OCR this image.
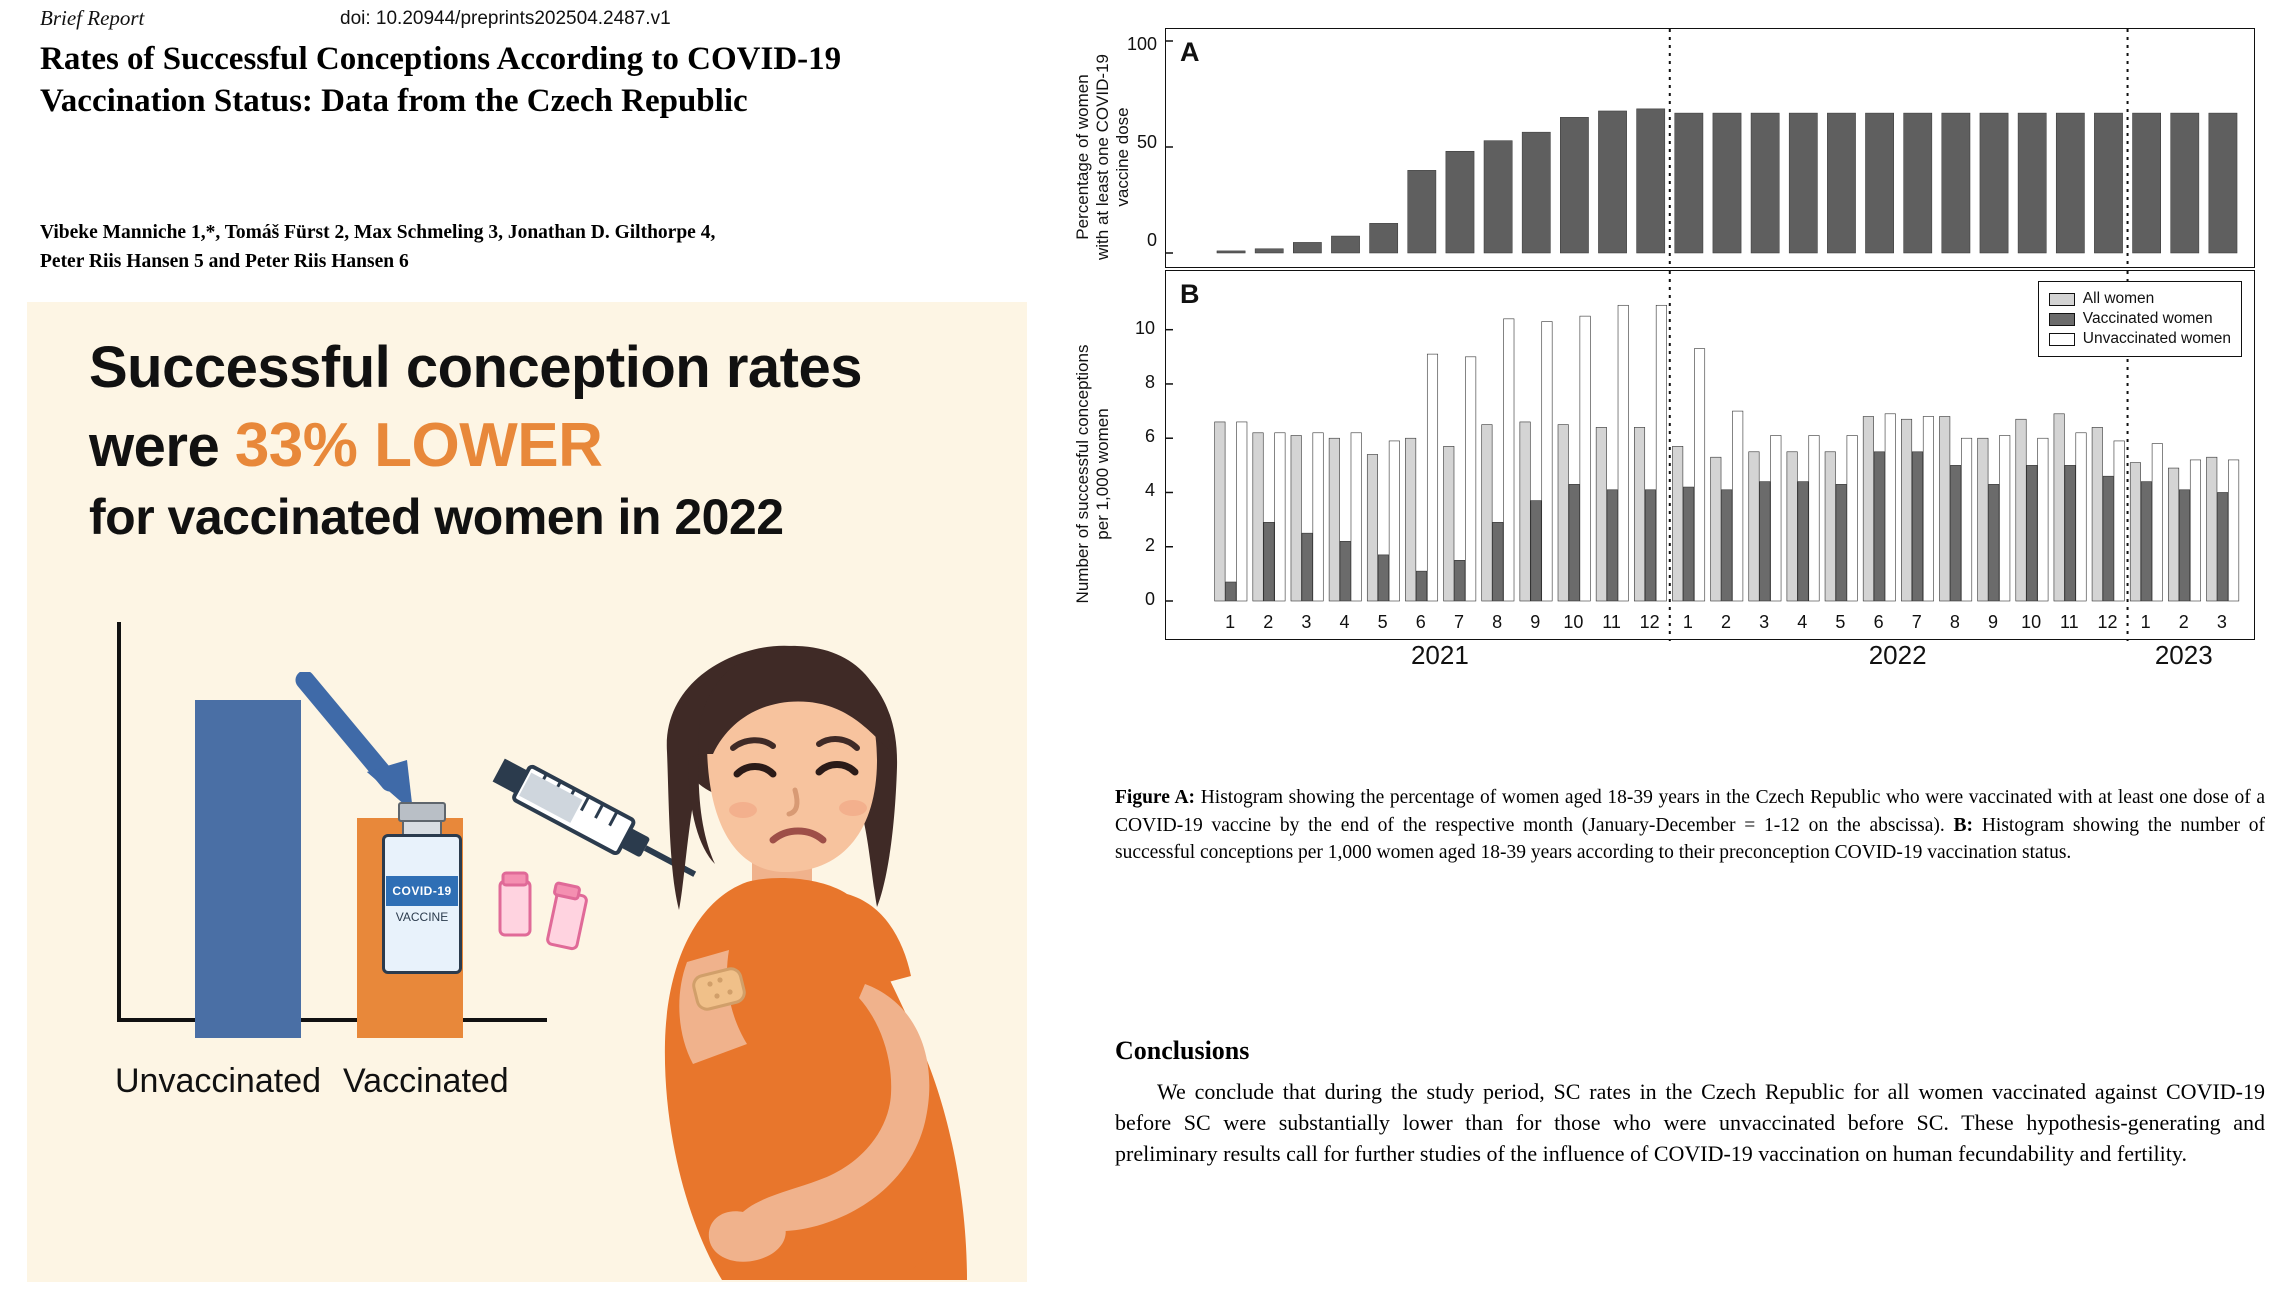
Brief Report	doi: 10.20944/preprints202504.2487.v1
Rates of Successful Conceptions According to COVID-19 Vaccination Status: Data from the Czech Republic
Vibeke Manniche 1,*, Tomáš Fürst 2, Max Schmeling 3, Jonathan D. Gilthorpe 4,
Peter Riis Hansen 5 and Peter Riis Hansen 6
Successful conception rates
were 33% LOWER
for vaccinated women in 2022
COVID-19
VACCINE
Unvaccinated Vaccinated
Percentage of women with at least one COVID-19 vaccine dose
Number of successful conceptions per 1,000 women
A
100
50
0
B	All women
Vaccinated women
Unvaccinated women
0
2
4
6
8
10
1	2	3	4	5	6	7	8	9	10	11	12	1	2	3	4	5	6	7	8	9	10	11	12	1	2	3
2021	2022	2023
Figure A: Histogram showing the percentage of women aged 18-39 years in the Czech Republic who were vaccinated with at least one dose of a COVID-19 vaccine by the end of the respective month (January-December = 1-12 on the abscissa). B: Histogram showing the number of successful conceptions per 1,000 women aged 18-39 years according to their preconception COVID-19 vaccination status.
Conclusions
We conclude that during the study period, SC rates in the Czech Republic for all women vaccinated against COVID-19 before SC were substantially lower than for those who were unvaccinated before SC. These hypothesis-generating and preliminary results call for further studies of the influence of COVID-19 vaccination on human fecundability and fertility.
